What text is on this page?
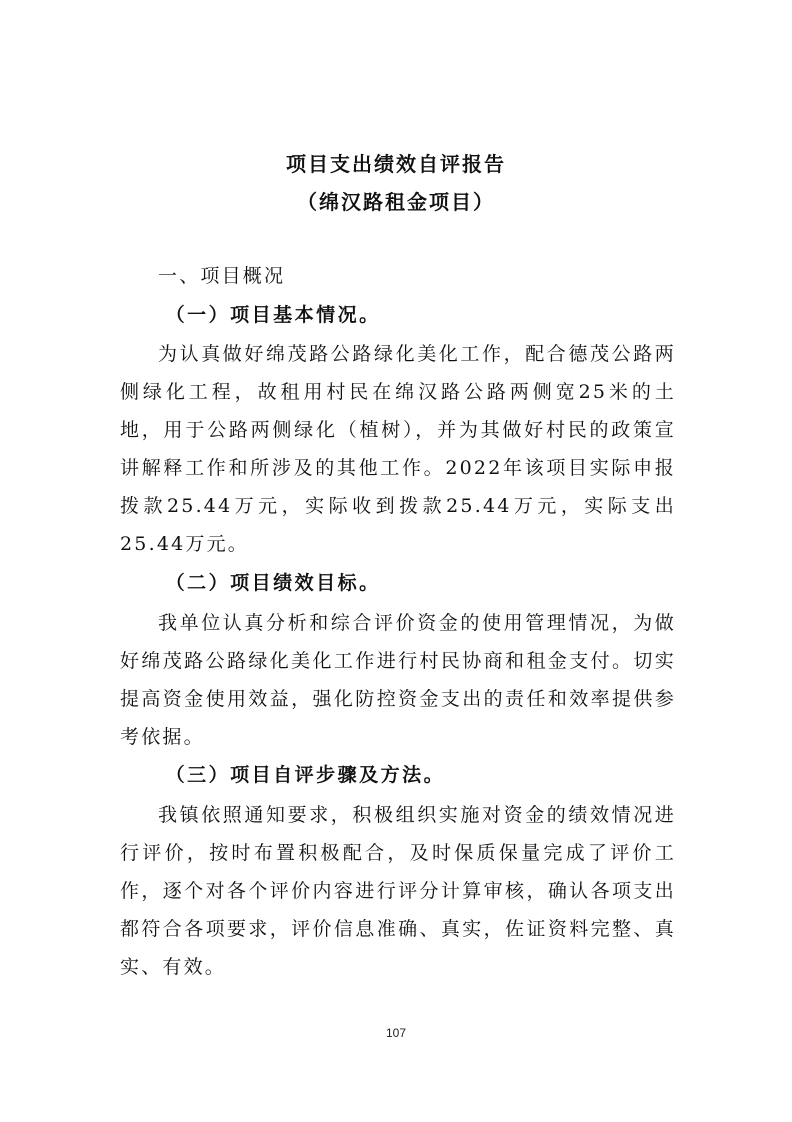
项目支出绩效自评报告
（绵汉路租金项目）
一、项目概况
（一）项目基本情况。
为认真做好绵茂路公路绿化美化工作，配合德茂公路两侧绿化工程，故租用村民在绵汉路公路两侧宽25米的土地，用于公路两侧绿化（植树），并为其做好村民的政策宣讲解释工作和所涉及的其他工作。2022年该项目实际申报拨款25.44万元，实际收到拨款25.44万元，实际支出25.44万元。
（二）项目绩效目标。
我单位认真分析和综合评价资金的使用管理情况，为做好绵茂路公路绿化美化工作进行村民协商和租金支付。切实提高资金使用效益，强化防控资金支出的责任和效率提供参考依据。
（三）项目自评步骤及方法。
我镇依照通知要求，积极组织实施对资金的绩效情况进行评价，按时布置积极配合，及时保质保量完成了评价工作，逐个对各个评价内容进行评分计算审核，确认各项支出都符合各项要求，评价信息准确、真实，佐证资料完整、真实、有效。
107
